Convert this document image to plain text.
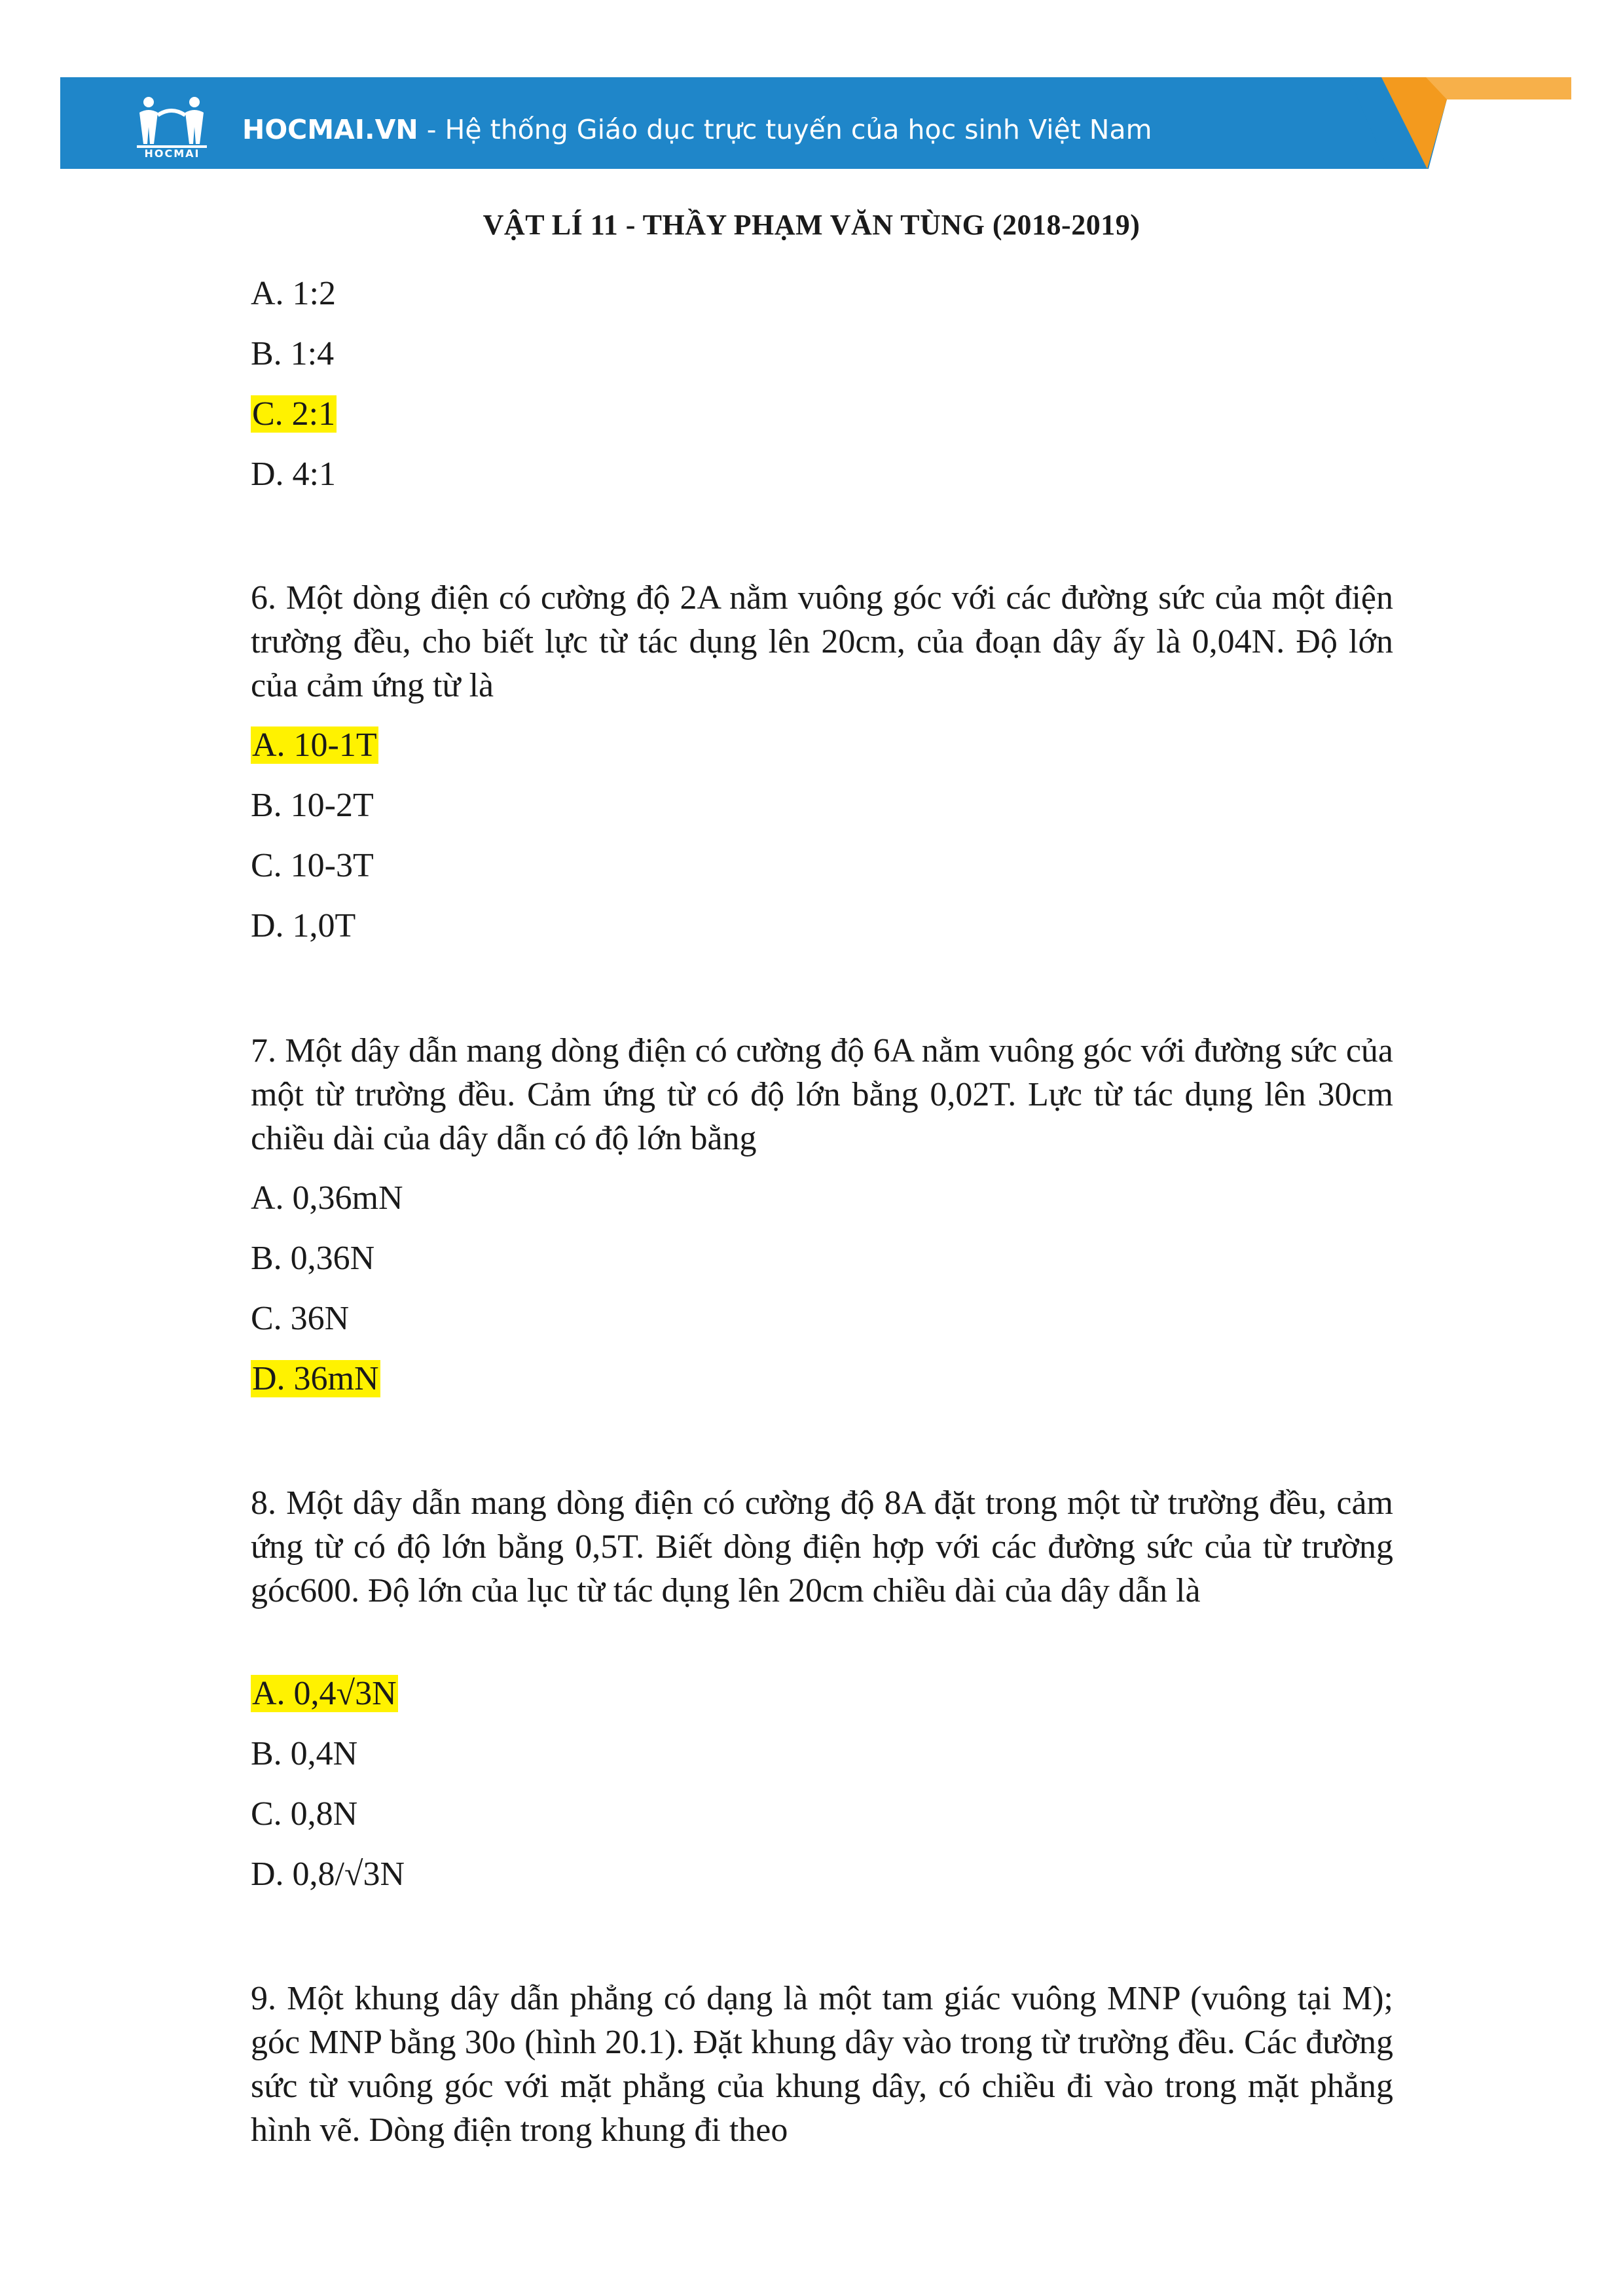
HOCMAI
HOCMAI.VN - Hệ thống Giáo dục trực tuyến của học sinh Việt Nam
VẬT LÍ 11 - THẦY PHẠM VĂN TÙNG (2018-2019)
A. 1:2
B. 1:4
C. 2:1
D. 4:1
6. Một dòng điện có cường độ 2A nằm vuông góc với các đường sức của một điện trường đều, cho biết lực từ tác dụng lên 20cm, của đoạn dây ấy là 0,04N. Độ lớn của cảm ứng từ là
A. 10-1T
B. 10-2T
C. 10-3T
D. 1,0T
7. Một dây dẫn mang dòng điện có cường độ 6A nằm vuông góc với đường sức của một từ trường đều. Cảm ứng từ có độ lớn bằng 0,02T. Lực từ tác dụng lên 30cm chiều dài của dây dẫn có độ lớn bằng
A. 0,36mN
B. 0,36N
C. 36N
D. 36mN
8. Một dây dẫn mang dòng điện có cường độ 8A đặt trong một từ trường đều, cảm ứng từ có độ lớn bằng 0,5T. Biết dòng điện hợp với các đường sức của từ trường góc600. Độ lớn của lục từ tác dụng lên 20cm chiều dài của dây dẫn là
A. 0,4√3N
B. 0,4N
C. 0,8N
D. 0,8/√3N
9. Một khung dây dẫn phẳng có dạng là một tam giác vuông MNP (vuông tại M); góc MNP bằng 30o (hình 20.1). Đặt khung dây vào trong từ trường đều. Các đường sức từ vuông góc với mặt phẳng của khung dây, có chiều đi vào trong mặt phẳng hình vẽ. Dòng điện trong khung đi theo
